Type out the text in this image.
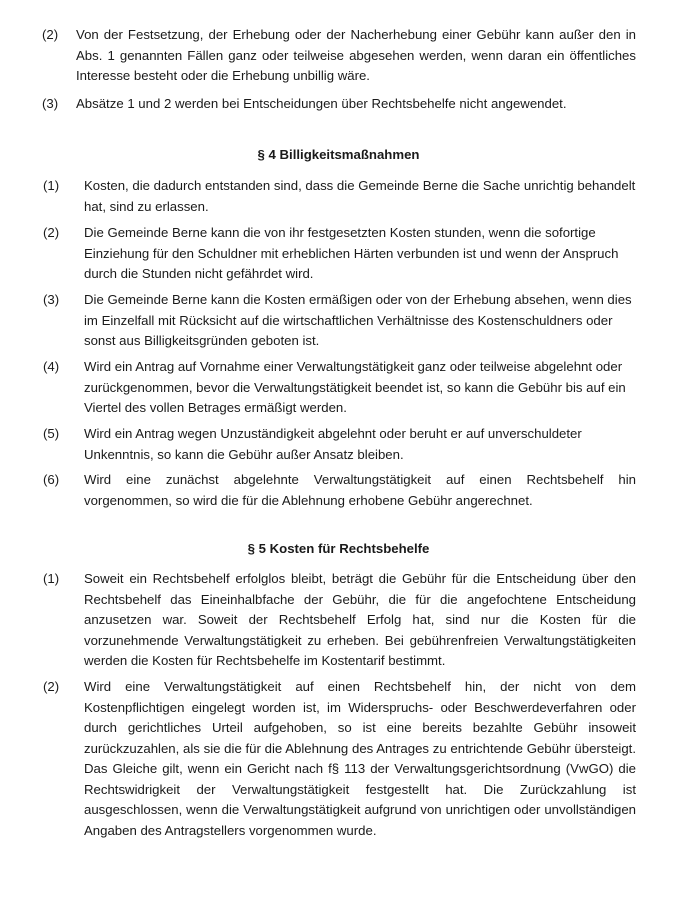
(2) Von der Festsetzung, der Erhebung oder der Nacherhebung einer Gebühr kann außer den in Abs. 1 genannten Fällen ganz oder teilweise abgesehen werden, wenn daran ein öffentliches Interesse besteht oder die Erhebung unbillig wäre.
(3) Absätze 1 und 2 werden bei Entscheidungen über Rechtsbehelfe nicht angewendet.
§ 4 Billigkeitsmaßnahmen
(1) Kosten, die dadurch entstanden sind, dass die Gemeinde Berne die Sache unrichtig behandelt hat, sind zu erlassen.
(2) Die Gemeinde Berne kann die von ihr festgesetzten Kosten stunden, wenn die sofortige Einziehung für den Schuldner mit erheblichen Härten verbunden ist und wenn der Anspruch durch die Stunden nicht gefährdet wird.
(3) Die Gemeinde Berne kann die Kosten ermäßigen oder von der Erhebung absehen, wenn dies im Einzelfall mit Rücksicht auf die wirtschaftlichen Verhältnisse des Kostenschuldners oder sonst aus Billigkeitsgründen geboten ist.
(4) Wird ein Antrag auf Vornahme einer Verwaltungstätigkeit ganz oder teilweise abgelehnt oder zurückgenommen, bevor die Verwaltungstätigkeit beendet ist, so kann die Gebühr bis auf ein Viertel des vollen Betrages ermäßigt werden.
(5) Wird ein Antrag wegen Unzuständigkeit abgelehnt oder beruht er auf unverschuldeter Unkenntnis, so kann die Gebühr außer Ansatz bleiben.
(6) Wird eine zunächst abgelehnte Verwaltungstätigkeit auf einen Rechtsbehelf hin vorgenommen, so wird die für die Ablehnung erhobene Gebühr angerechnet.
§ 5 Kosten für Rechtsbehelfe
(1) Soweit ein Rechtsbehelf erfolglos bleibt, beträgt die Gebühr für die Entscheidung über den Rechtsbehelf das Eineinhalbfache der Gebühr, die für die angefochtene Entscheidung anzusetzen war. Soweit der Rechtsbehelf Erfolg hat, sind nur die Kosten für die vorzunehmende Verwaltungstätigkeit zu erheben. Bei gebührenfreien Verwaltungstätigkeiten werden die Kosten für Rechtsbehelfe im Kostentarif bestimmt.
(2) Wird eine Verwaltungstätigkeit auf einen Rechtsbehelf hin, der nicht von dem Kostenpflichtigen eingelegt worden ist, im Widerspruchs- oder Beschwerdeverfahren oder durch gerichtliches Urteil aufgehoben, so ist eine bereits bezahlte Gebühr insoweit zurückzuzahlen, als sie die für die Ablehnung des Antrages zu entrichtende Gebühr übersteigt. Das Gleiche gilt, wenn ein Gericht nach f§ 113 der Verwaltungsgerichtsordnung (VwGO) die Rechtswidrigkeit der Verwaltungstätigkeit festgestellt hat. Die Zurückzahlung ist ausgeschlossen, wenn die Verwaltungstätigkeit aufgrund von unrichtigen oder unvollständigen Angaben des Antragstellers vorgenommen wurde.
